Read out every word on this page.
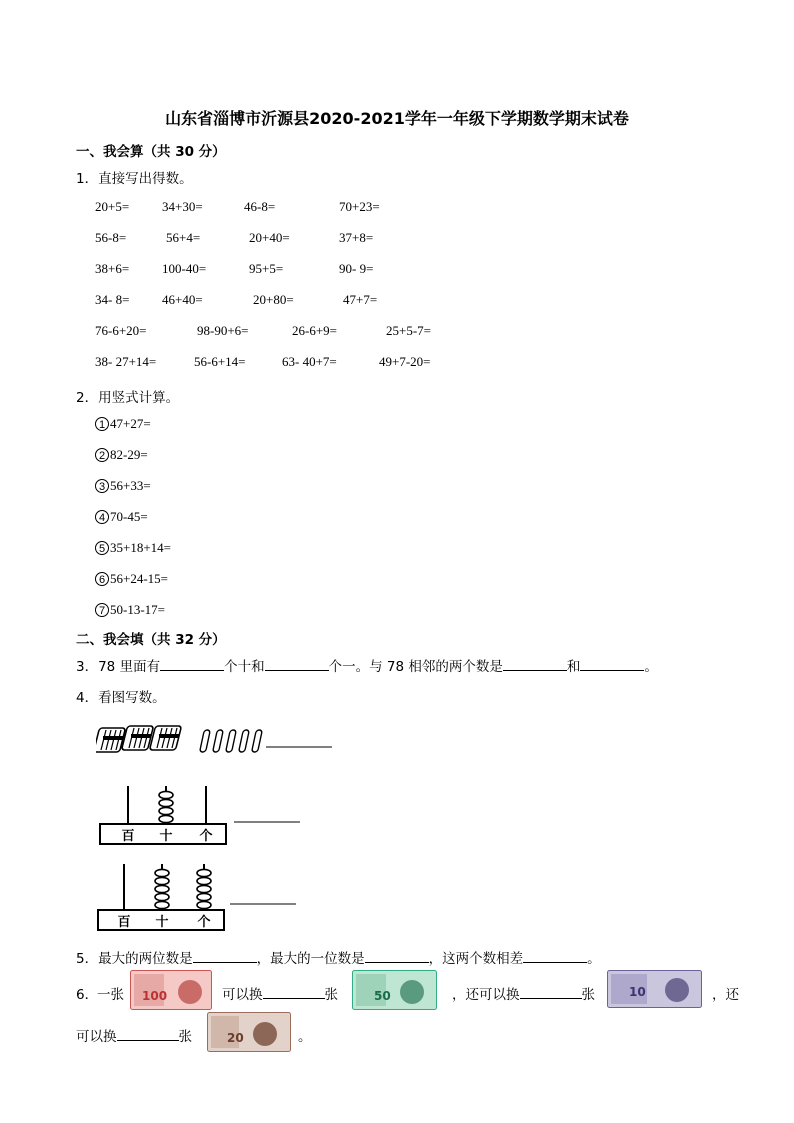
山东省淄博市沂源县2020-2021学年一年级下学期数学期末试卷
一、我会算（共 30 分）
1．直接写出得数。
20+5=	34+30=	46-8=	70+23=
56-8=	56+4=	20+40=	37+8=
38+6=	100-40=	95+5=	90- 9=
34- 8=	46+40=	20+80=	47+7=
76-6+20=	98-90+6=	26-6+9=	25+5-7=
38- 27+14=	56-6+14=	63- 40+7=	49+7-20=
2．用竖式计算。
1 47+27=
2 82-29=
3 56+33=
4 70-45=
5 35+18+14=
6 56+24-15=
7 50-13-17=
二、我会填（共 32 分）
3．78 里面有	个十和	个一。与 78 相邻的两个数是	和	。
4．看图写数。
百 十 个
百 十 个
5．最大的两位数是	，最大的一位数是	，这两个数相差	。
6．
一张 100	可以换	张	50	，还可以换	张	10	，还
可以换	张	20	。
